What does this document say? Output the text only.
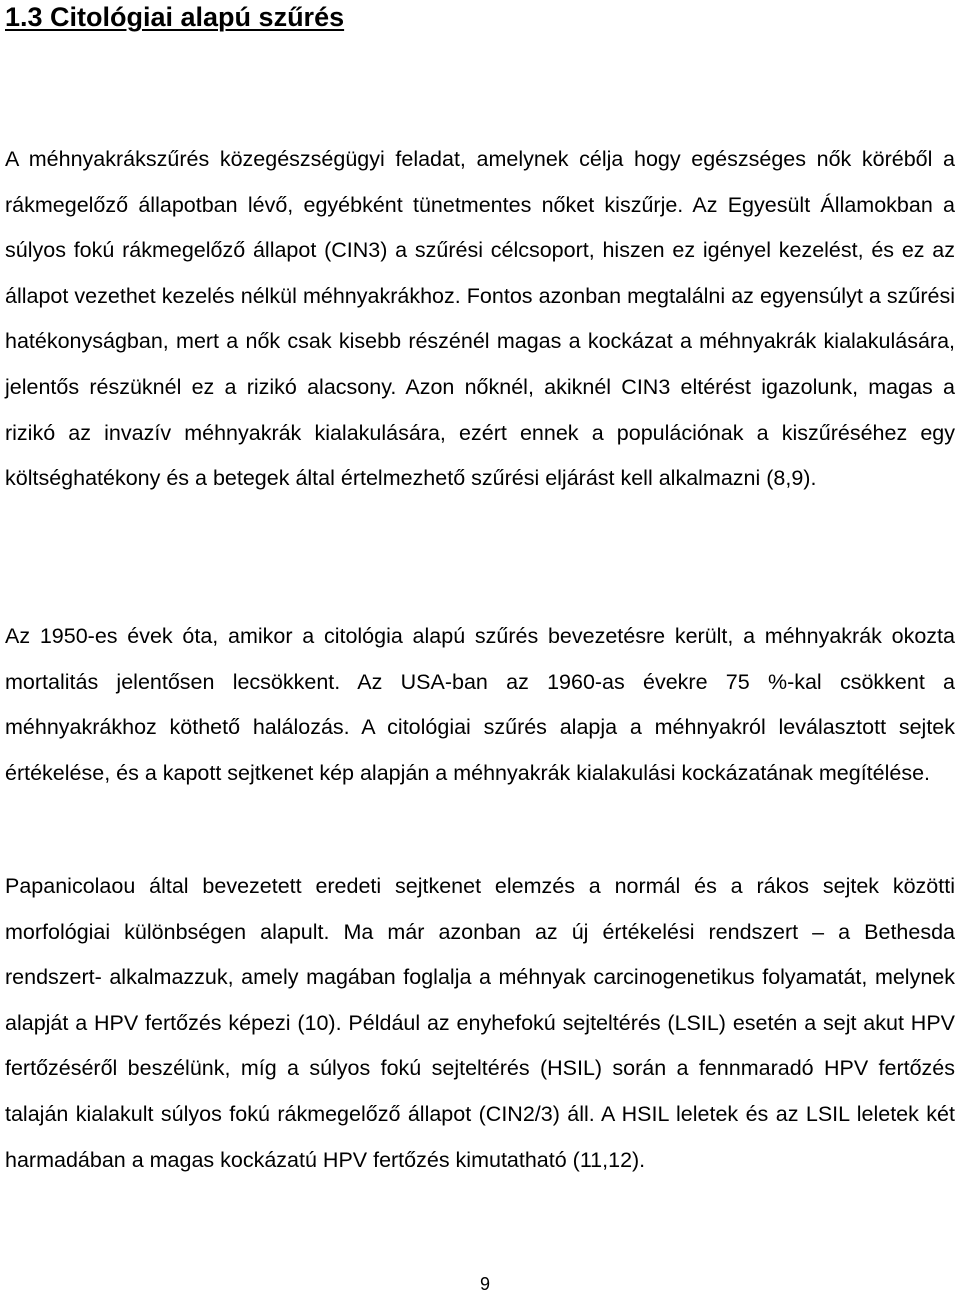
1.3 Citológiai alapú szűrés

A méhnyakrákszűrés közegészségügyi feladat, amelynek célja hogy egészséges nők köréből a rákmegelőző állapotban lévő, egyébként tünetmentes nőket kiszűrje. Az Egyesült Államokban a súlyos fokú rákmegelőző állapot (CIN3) a szűrési célcsoport, hiszen ez igényel kezelést, és ez az állapot vezethet kezelés nélkül méhnyakrákhoz. Fontos azonban megtalálni az egyensúlyt a szűrési hatékonyságban, mert a nők csak kisebb részénél magas a kockázat a méhnyakrák kialakulására, jelentős részüknél ez a rizikó alacsony. Azon nőknél, akiknél CIN3 eltérést igazolunk, magas a rizikó az invazív méhnyakrák kialakulására, ezért ennek a populációnak a kiszűréséhez egy költséghatékony és a betegek által értelmezhető szűrési eljárást kell alkalmazni (8,9).

Az 1950-es évek óta, amikor a citológia alapú szűrés bevezetésre került, a méhnyakrák okozta mortalitás jelentősen lecsökkent. Az USA-ban az 1960-as évekre 75 %-kal csökkent a méhnyakrákhoz köthető halálozás. A citológiai szűrés alapja a méhnyakról leválasztott sejtek értékelése, és a kapott sejtkenet kép alapján a méhnyakrák kialakulási kockázatának megítélése.

Papanicolaou által bevezetett eredeti sejtkenet elemzés a normál és a rákos sejtek közötti morfológiai különbségen alapult. Ma már azonban az új értékelési rendszert – a Bethesda rendszert- alkalmazzuk, amely magában foglalja a méhnyak carcinogenetikus folyamatát, melynek alapját a HPV fertőzés képezi (10). Például az enyhefokú sejteltérés (LSIL) esetén a sejt akut HPV fertőzéséről beszélünk, míg a súlyos fokú sejteltérés (HSIL) során a fennmaradó HPV fertőzés talaján kialakult súlyos fokú rákmegelőző állapot (CIN2/3) áll. A HSIL leletek és az LSIL leletek két harmadában a magas kockázatú HPV fertőzés kimutatható (11,12).

9
